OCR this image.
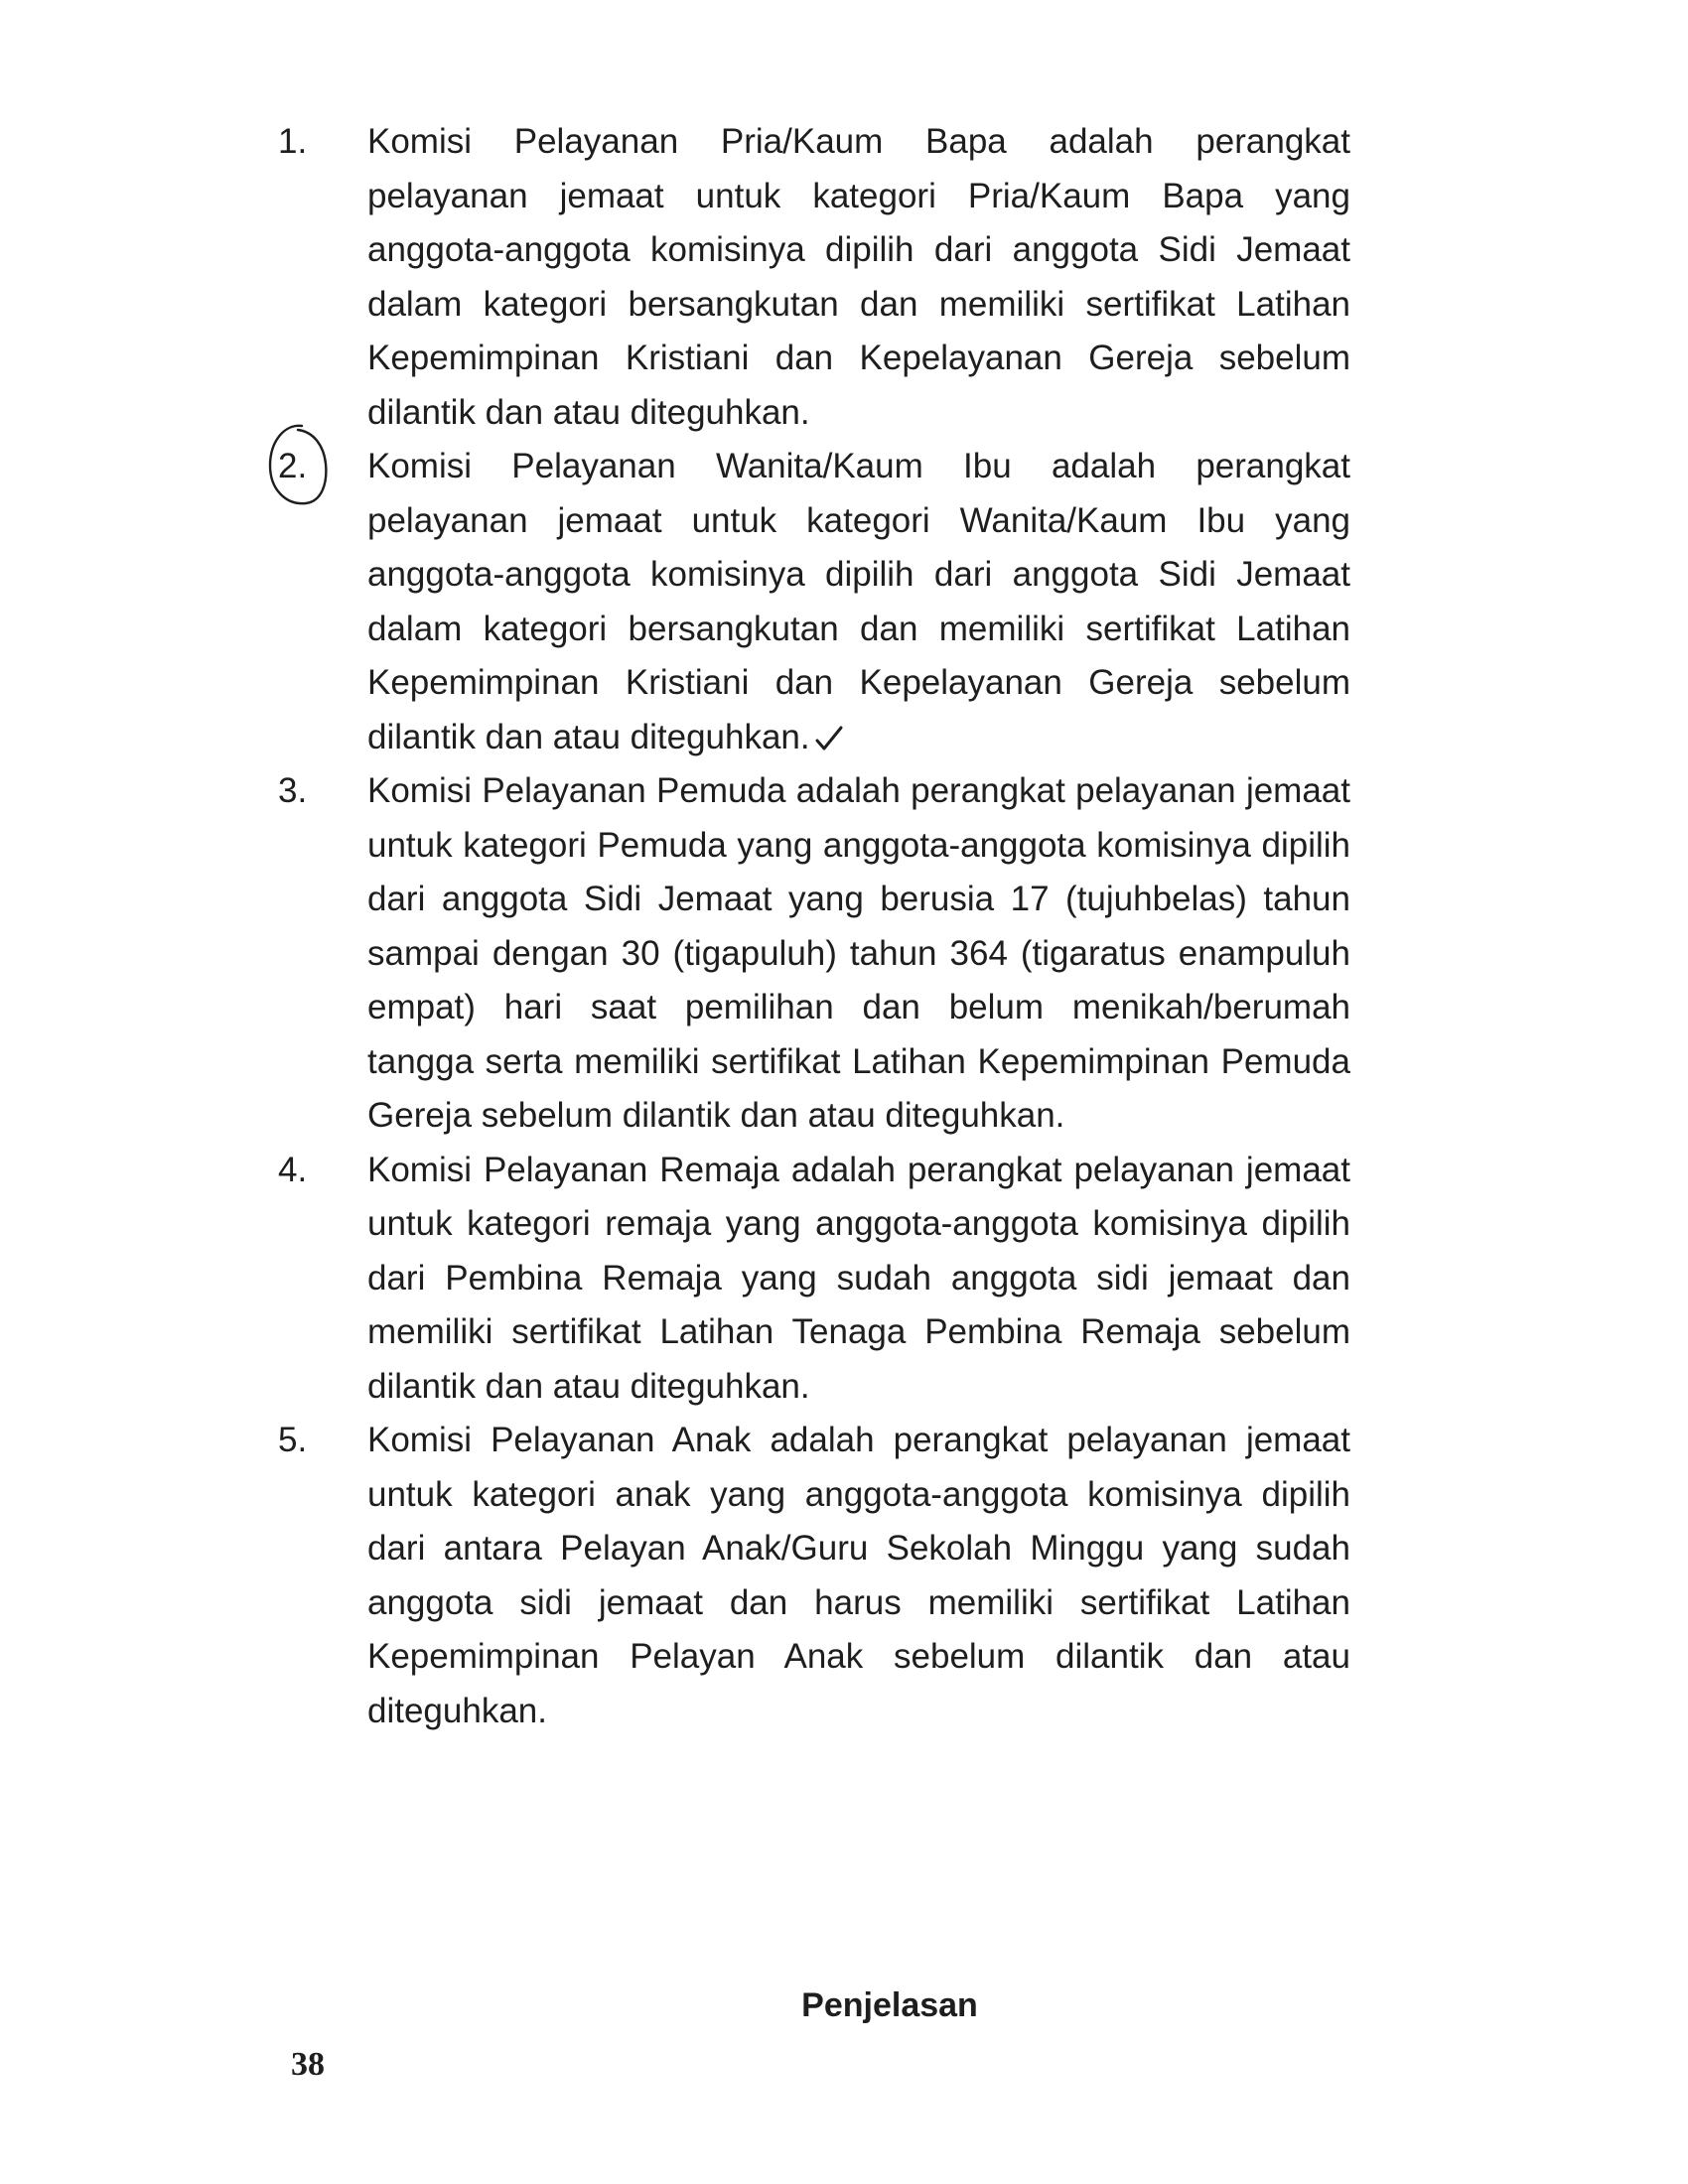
1.	Komisi Pelayanan Pria/Kaum Bapa adalah perangkat pelayanan jemaat untuk kategori Pria/Kaum Bapa yang anggota-anggota komisinya dipilih dari anggota Sidi Jemaat dalam kategori bersangkutan dan memiliki sertifikat Latihan Kepemimpinan Kristiani dan Kepelayanan Gereja sebelum dilantik dan atau diteguhkan.
2.	Komisi Pelayanan Wanita/Kaum Ibu adalah perangkat pelayanan jemaat untuk kategori Wanita/Kaum Ibu yang anggota-anggota komisinya dipilih dari anggota Sidi Jemaat dalam kategori bersangkutan dan memiliki sertifikat Latihan Kepemimpinan Kristiani dan Kepelayanan Gereja sebelum dilantik dan atau diteguhkan.
3.	Komisi Pelayanan Pemuda adalah perangkat pelayanan jemaat untuk kategori Pemuda yang anggota-anggota komisinya dipilih dari anggota Sidi Jemaat yang berusia 17 (tujuhbelas) tahun sampai dengan 30 (tigapuluh) tahun 364 (tigaratus enampuluh empat) hari saat pemilihan dan belum menikah/berumah tangga serta memiliki sertifikat Latihan Kepemimpinan Pemuda Gereja sebelum dilantik dan atau diteguhkan.
4.	Komisi Pelayanan Remaja adalah perangkat pelayanan jemaat untuk kategori remaja yang anggota-anggota komisinya dipilih dari Pembina Remaja yang sudah anggota sidi jemaat dan memiliki sertifikat Latihan Tenaga Pembina Remaja sebelum dilantik dan atau diteguhkan.
5.	Komisi Pelayanan Anak adalah perangkat pelayanan jemaat untuk kategori anak yang anggota-anggota komisinya dipilih dari antara Pelayan Anak/Guru Sekolah Minggu yang sudah anggota sidi jemaat dan harus memiliki sertifikat Latihan Kepemimpinan Pelayan Anak sebelum dilantik dan atau diteguhkan.
Penjelasan
38
